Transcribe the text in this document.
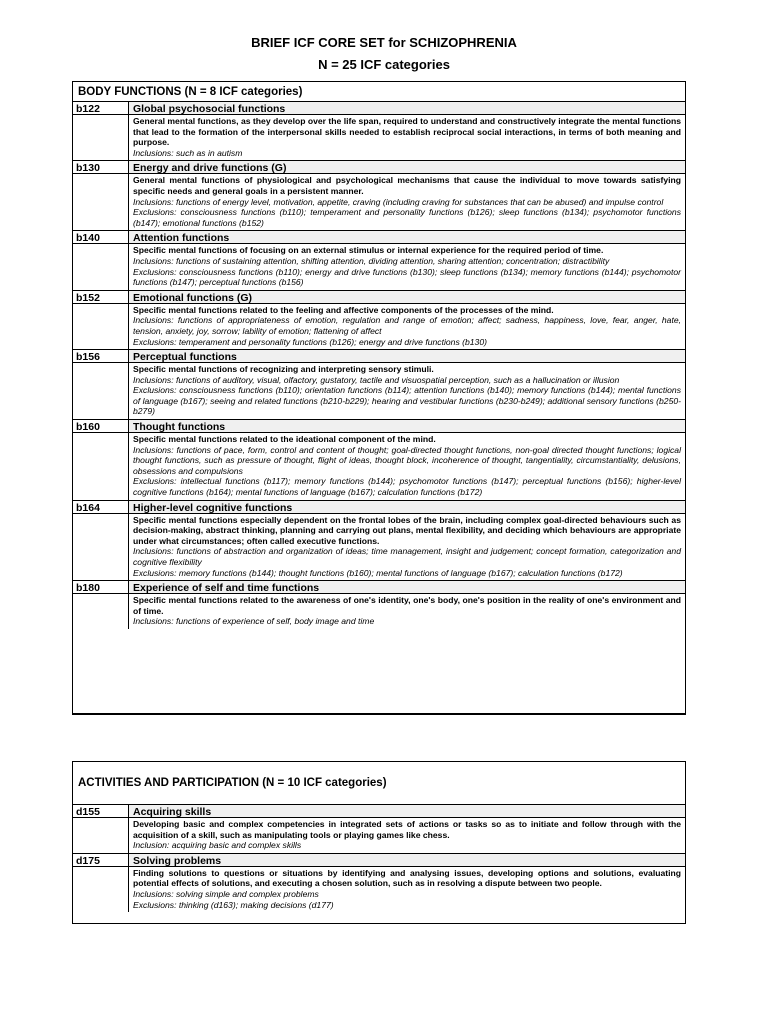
BRIEF ICF CORE SET for SCHIZOPHRENIA
N = 25 ICF categories
BODY FUNCTIONS (N = 8 ICF categories)
b122	Global psychosocial functions

General mental functions, as they develop over the life span, required to understand and constructively integrate the mental functions that lead to the formation of the interpersonal skills needed to establish reciprocal social interactions, in terms of both meaning and purpose.

Inclusions: such as in autism

b130	Energy and drive functions (G)

General mental functions of physiological and psychological mechanisms that cause the individual to move towards satisfying specific needs and general goals in a persistent manner.

Inclusions: functions of energy level, motivation, appetite, craving (including craving for substances that can be abused) and impulse control

Exclusions: consciousness functions (b110); temperament and personality functions (b126); sleep functions (b134); psychomotor functions (b147); emotional functions (b152)

b140	Attention functions

Specific mental functions of focusing on an external stimulus or internal experience for the required period of time.

Inclusions: functions of sustaining attention, shifting attention, dividing attention, sharing attention; concentration; distractibility

Exclusions: consciousness functions (b110); energy and drive functions (b130); sleep functions (b134); memory functions (b144); psychomotor functions (b147); perceptual functions (b156)

b152	Emotional functions (G)

Specific mental functions related to the feeling and affective components of the processes of the mind.

Inclusions: functions of appropriateness of emotion, regulation and range of emotion; affect; sadness, happiness, love, fear, anger, hate, tension, anxiety, joy, sorrow; lability of emotion; flattening of affect

Exclusions: temperament and personality functions (b126); energy and drive functions (b130)

b156	Perceptual functions

Specific mental functions of recognizing and interpreting sensory stimuli.

Inclusions: functions of auditory, visual, olfactory, gustatory, tactile and visuospatial perception, such as a hallucination or illusion

Exclusions: consciousness functions (b110); orientation functions (b114); attention functions (b140); memory functions (b144); mental functions of language (b167); seeing and related functions (b210-b229); hearing and vestibular functions (b230-b249); additional sensory functions (b250-b279)

b160	Thought functions

Specific mental functions related to the ideational component of the mind.

Inclusions: functions of pace, form, control and content of thought; goal-directed thought functions, non-goal directed thought functions; logical thought functions, such as pressure of thought, flight of ideas, thought block, incoherence of thought, tangentiality, circumstantiality, delusions, obsessions and compulsions

Exclusions: intellectual functions (b117); memory functions (b144); psychomotor functions (b147); perceptual functions (b156); higher-level cognitive functions (b164); mental functions of language (b167); calculation functions (b172)

b164	Higher-level cognitive functions

Specific mental functions especially dependent on the frontal lobes of the brain, including complex goal-directed behaviours such as decision-making, abstract thinking, planning and carrying out plans, mental flexibility, and deciding which behaviours are appropriate under what circumstances; often called executive functions.

Inclusions: functions of abstraction and organization of ideas; time management, insight and judgement; concept formation, categorization and cognitive flexibility

Exclusions: memory functions (b144); thought functions (b160); mental functions of language (b167); calculation functions (b172)

b180	Experience of self and time functions

Specific mental functions related to the awareness of one's identity, one's body, one's position in the reality of one's environment and of time.

Inclusions: functions of experience of self, body image and time

ACTIVITIES AND PARTICIPATION (N = 10 ICF categories)
d155	Acquiring skills

Developing basic and complex competencies in integrated sets of actions or tasks so as to initiate and follow through with the acquisition of a skill, such as manipulating tools or playing games like chess.

Inclusion: acquiring basic and complex skills

d175	Solving problems

Finding solutions to questions or situations by identifying and analysing issues, developing options and solutions, evaluating potential effects of solutions, and executing a chosen solution, such as in resolving a dispute between two people.

Inclusions: solving simple and complex problems

Exclusions: thinking (d163); making decisions (d177)
